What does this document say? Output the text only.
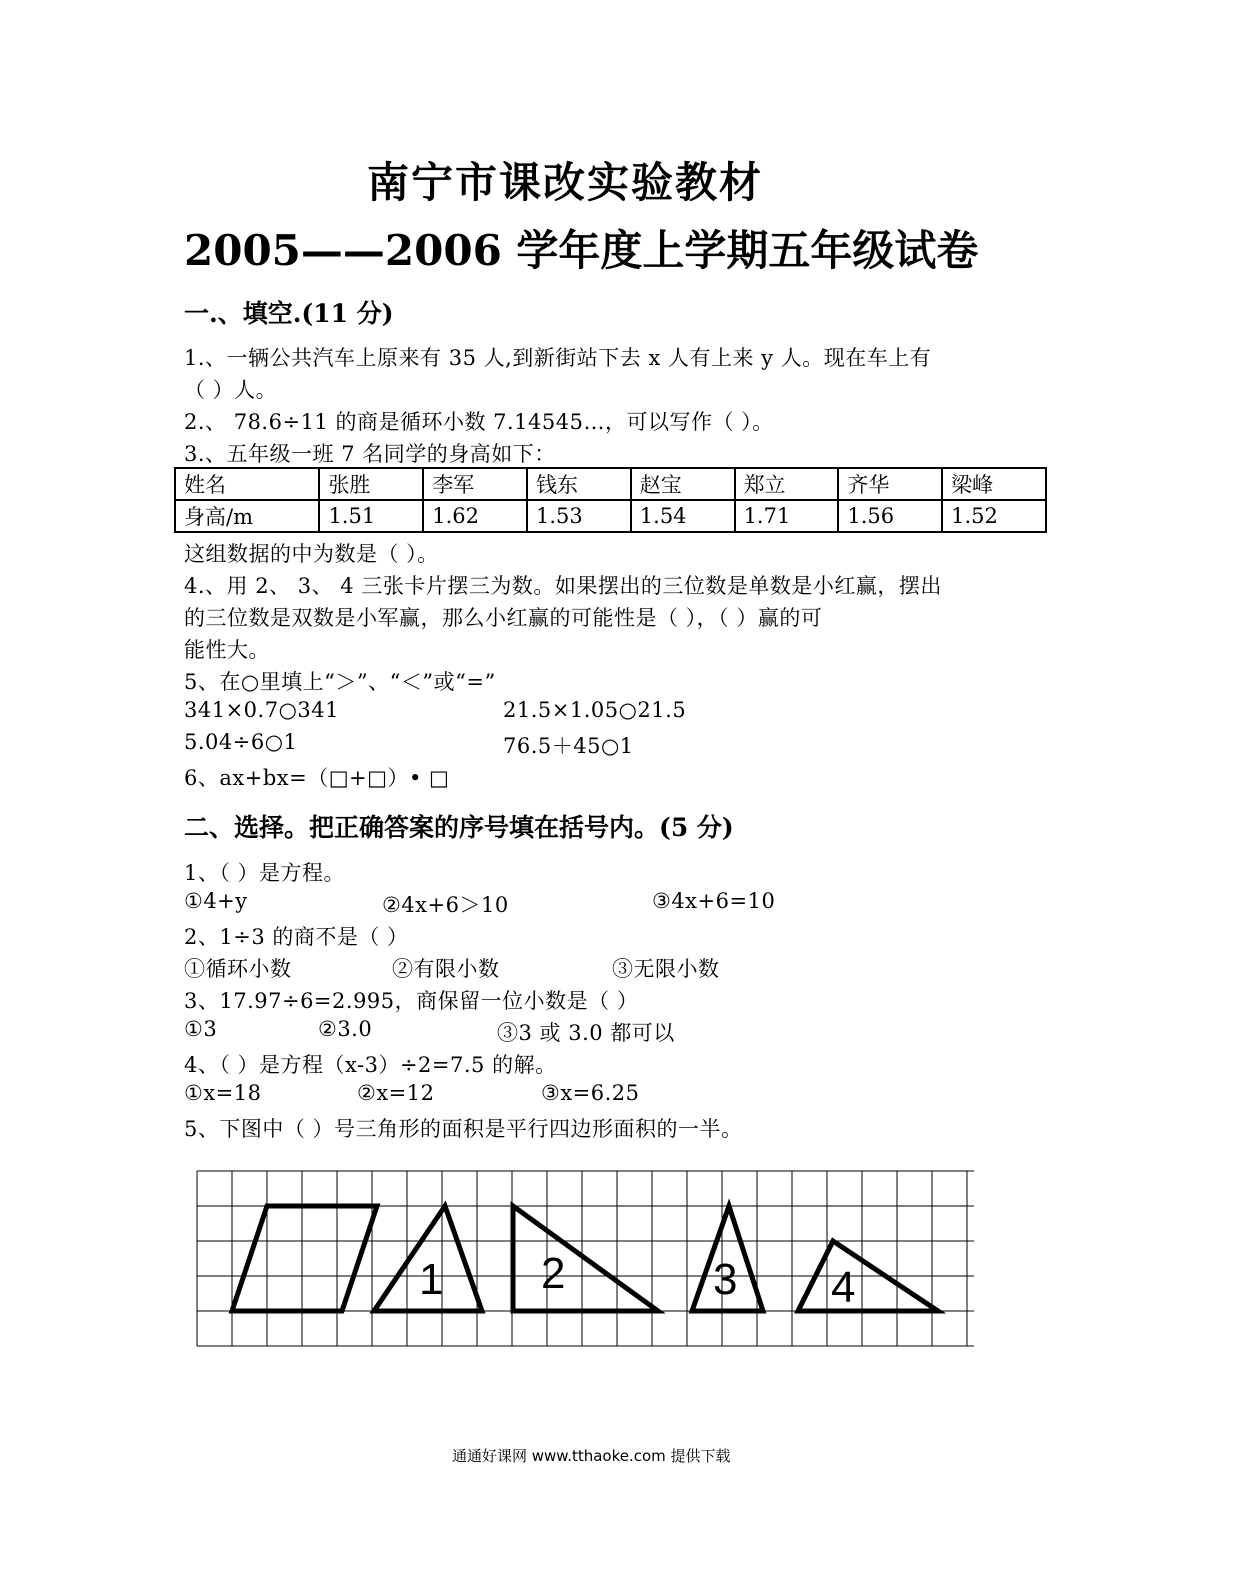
南宁市课改实验教材
2005——2006 学年度上学期五年级试卷
一.、填空.(11 分)
1.、一辆公共汽车上原来有 35 人,到新街站下去 x 人有上来 y 人。现在车上有
（ ）人。
2.、 78.6÷11 的商是循环小数 7.14545…，可以写作（ ）。
3.、五年级一班 7 名同学的身高如下：
姓名	张胜	李军	钱东	赵宝	郑立	齐华	梁峰
身高/m	1.51	1.62	1.53	1.54	1.71	1.56	1.52
这组数据的中为数是（ ）。
4.、用 2、 3、 4 三张卡片摆三为数。如果摆出的三位数是单数是小红赢，摆出
的三位数是双数是小军赢，那么小红赢的可能性是（ ），（ ）赢的可
能性大。
5、在○里填上“＞”、“＜”或“=”
341×0.7○341	21.5×1.05○21.5
5.04÷6○1	76.5＋45○1
6、ax+bx=（□+□）• □
二、选择。把正确答案的序号填在括号内。(5 分)
1、（ ）是方程。
①4+y	②4x+6＞10	③4x+6=10
2、1÷3 的商不是（ ）
①循环小数	②有限小数	③无限小数
3、17.97÷6=2.995，商保留一位小数是（ ）
①3	②3.0	③3 或 3.0 都可以
4、（ ）是方程（x-3）÷2=7.5 的解。
①x=18	②x=12	③x=6.25
5、下图中（ ）号三角形的面积是平行四边形面积的一半。
1 2	3 4
通通好课网 www.tthaoke.com 提供下载
